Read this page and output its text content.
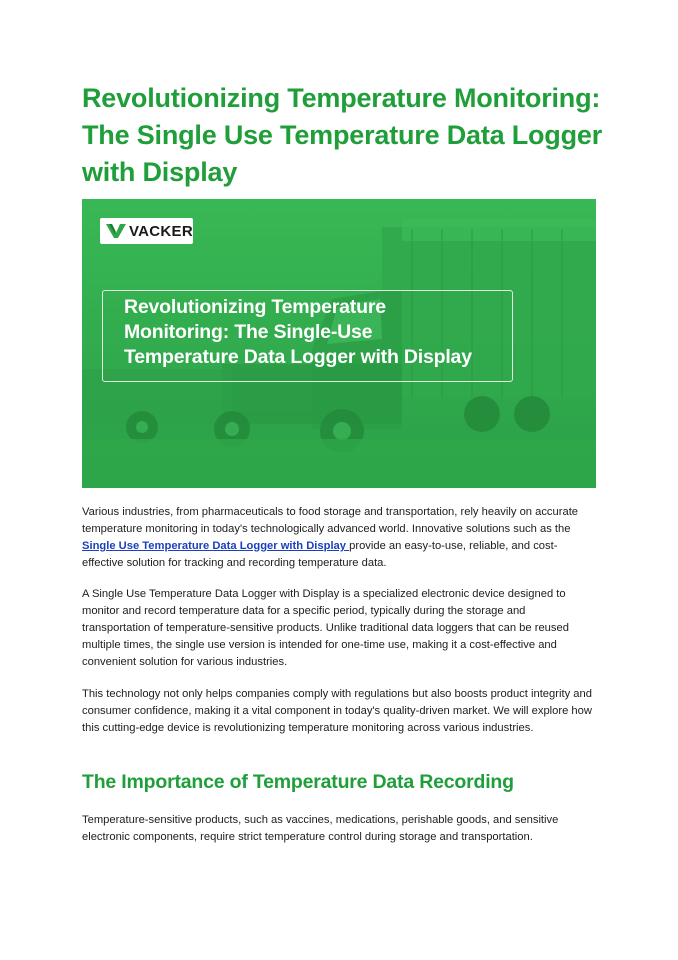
Revolutionizing Temperature Monitoring:
The Single Use Temperature Data Logger
with Display
VACKER
Revolutionizing Temperature
Monitoring: The Single-Use
Temperature Data Logger with Display

Various industries, from pharmaceuticals to food storage and transportation, rely heavily on accurate temperature monitoring in today's technologically advanced world. Innovative solutions such as the Single Use Temperature Data Logger with Display provide an easy-to-use, reliable, and cost-effective solution for tracking and recording temperature data.

A Single Use Temperature Data Logger with Display is a specialized electronic device designed to monitor and record temperature data for a specific period, typically during the storage and transportation of temperature-sensitive products. Unlike traditional data loggers that can be reused multiple times, the single use version is intended for one-time use, making it a cost-effective and convenient solution for various industries.

This technology not only helps companies comply with regulations but also boosts product integrity and consumer confidence, making it a vital component in today's quality-driven market. We will explore how this cutting-edge device is revolutionizing temperature monitoring across various industries.

The Importance of Temperature Data Recording

Temperature-sensitive products, such as vaccines, medications, perishable goods, and sensitive electronic components, require strict temperature control during storage and transportation.
